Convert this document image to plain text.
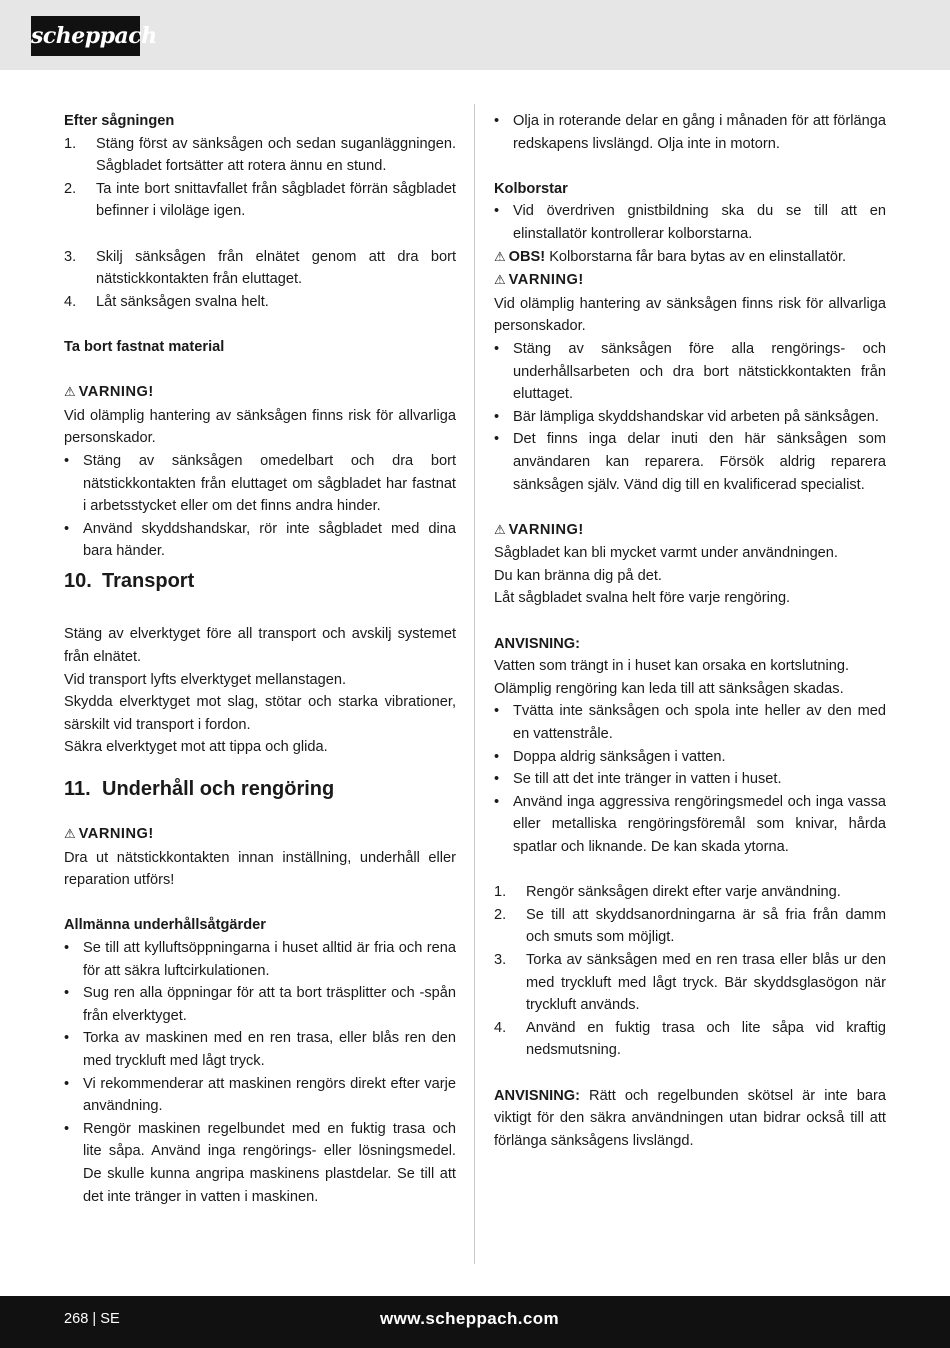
scheppach

Efter sågningen

1.	Stäng först av sänksågen och sedan suganläggningen. Sågbladet fortsätter att rotera ännu en stund.
2.	Ta inte bort snittavfallet från sågbladet förrän sågbladet befinner i viloläge igen.
3.	Skilj sänksågen från elnätet genom att dra bort nätstickkontakten från eluttaget.
4.	Låt sänksågen svalna helt.

Ta bort fastnat material

⚠ VARNING!

Vid olämplig hantering av sänksågen finns risk för allvarliga personskador.

• Stäng av sänksågen omedelbart och dra bort nätstickkontakten från eluttaget om sågbladet har fastnat i arbetsstycket eller om det finns andra hinder.
• Använd skyddshandskar, rör inte sågbladet med dina bara händer.
10. Transport

Stäng av elverktyget före all transport och avskilj systemet från elnätet.

Vid transport lyfts elverktyget mellanstagen.

Skydda elverktyget mot slag, stötar och starka vibrationer, särskilt vid transport i fordon.

Säkra elverktyget mot att tippa och glida.

11. Underhåll och rengöring

⚠ VARNING!

Dra ut nätstickkontakten innan inställning, underhåll eller reparation utförs!

Allmänna underhållsåtgärder

• Se till att kylluftsöppningarna i huset alltid är fria och rena för att säkra luftcirkulationen.
• Sug ren alla öppningar för att ta bort träsplitter och -spån från elverktyget.
• Torka av maskinen med en ren trasa, eller blås ren den med tryckluft med lågt tryck.
• Vi rekommenderar att maskinen rengörs direkt efter varje användning.
• Rengör maskinen regelbundet med en fuktig trasa och lite såpa. Använd inga rengörings- eller lösningsmedel. De skulle kunna angripa maskinens plastdelar. Se till att det inte tränger in vatten i maskinen.
• Olja in roterande delar en gång i månaden för att förlänga redskapens livslängd. Olja inte in motorn.

Kolborstar

• Vid överdriven gnistbildning ska du se till att en elinstallatör kontrollerar kolborstarna.

⚠ OBS! Kolborstarna får bara bytas av en elinstallatör.

⚠ VARNING!

Vid olämplig hantering av sänksågen finns risk för allvarliga personskador.

• Stäng av sänksågen före alla rengörings- och underhållsarbeten och dra bort nätstickkontakten från eluttaget.
• Bär lämpliga skyddshandskar vid arbeten på sänksågen.
• Det finns inga delar inuti den här sänksågen som användaren kan reparera. Försök aldrig reparera sänksågen själv. Vänd dig till en kvalificerad specialist.

⚠ VARNING!

Sågbladet kan bli mycket varmt under användningen.

Du kan bränna dig på det.

Låt sågbladet svalna helt före varje rengöring.

ANVISNING:

Vatten som trängt in i huset kan orsaka en kortslutning.

Olämplig rengöring kan leda till att sänksågen skadas.

• Tvätta inte sänksågen och spola inte heller av den med en vattenstråle.
• Doppa aldrig sänksågen i vatten.
• Se till att det inte tränger in vatten i huset.
• Använd inga aggressiva rengöringsmedel och inga vassa eller metalliska rengöringsföremål som knivar, hårda spatlar och liknande. De kan skada ytorna.
1.	Rengör sänksågen direkt efter varje användning.
2.	Se till att skyddsanordningarna är så fria från damm och smuts som möjligt.
3.	Torka av sänksågen med en ren trasa eller blås ur den med tryckluft med lågt tryck. Bär skyddsglasögon när tryckluft används.
4.	Använd en fuktig trasa och lite såpa vid kraftig nedsmutsning.

ANVISNING: Rätt och regelbunden skötsel är inte bara viktigt för den säkra användningen utan bidrar också till att förlänga sänksågens livslängd.

268 | SE	www.scheppach.com
